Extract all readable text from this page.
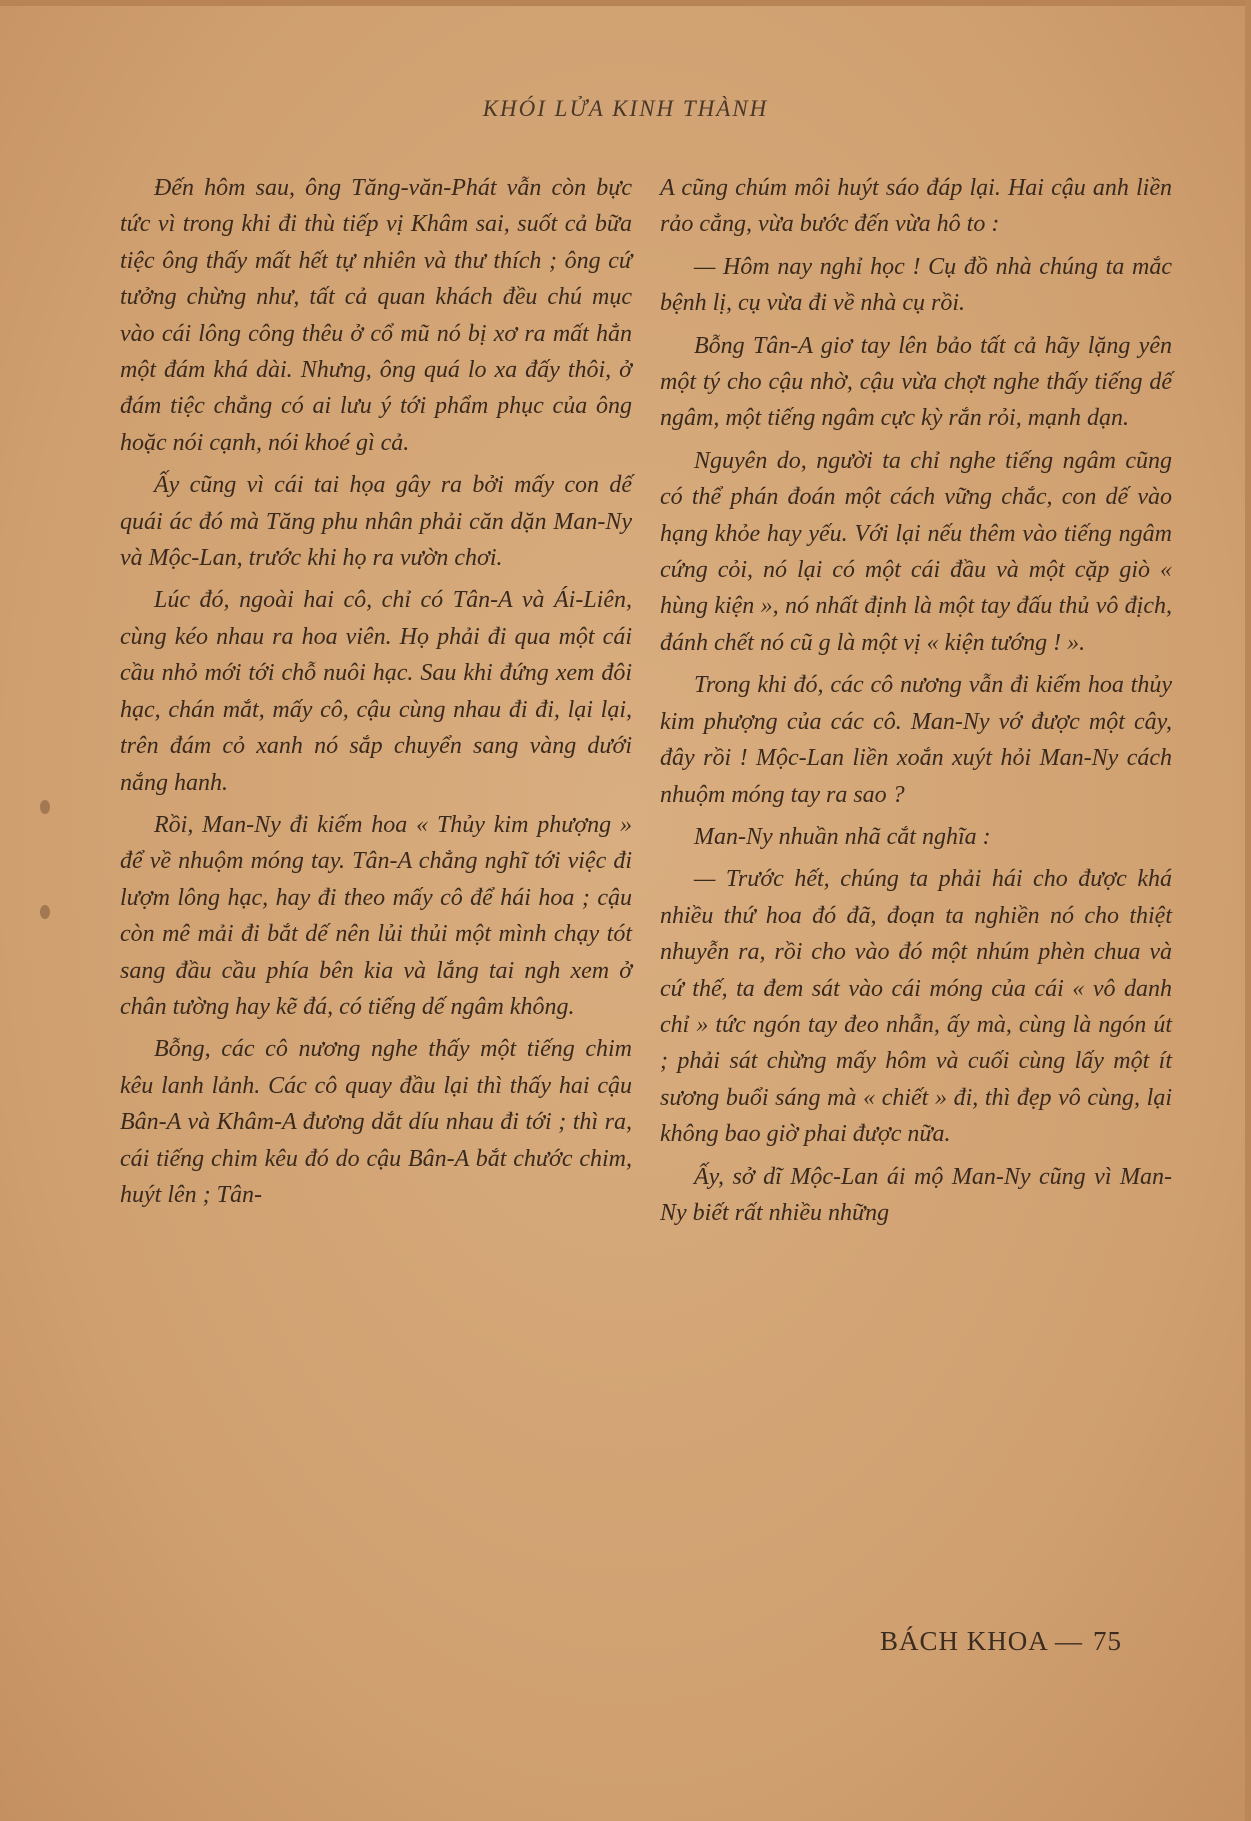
KHÓI LỬA KINH THÀNH

Đến hôm sau, ông Tăng-văn-Phát vẫn còn bực tức vì trong khi đi thù tiếp vị Khâm sai, suốt cả bữa tiệc ông thấy mất hết tự nhiên và thư thích ; ông cứ tưởng chừng như, tất cả quan khách đều chú mục vào cái lông công thêu ở cổ mũ nó bị xơ ra mất hẳn một đám khá dài. Nhưng, ông quá lo xa đấy thôi, ở đám tiệc chẳng có ai lưu ý tới phẩm phục của ông hoặc nói cạnh, nói khoé gì cả.

Ấy cũng vì cái tai họa gây ra bởi mấy con dế quái ác đó mà Tăng phu nhân phải căn dặn Man-Ny và Mộc-Lan, trước khi họ ra vườn chơi.

Lúc đó, ngoài hai cô, chỉ có Tân-A và Ái-Liên, cùng kéo nhau ra hoa viên. Họ phải đi qua một cái cầu nhỏ mới tới chỗ nuôi hạc. Sau khi đứng xem đôi hạc, chán mắt, mấy cô, cậu cùng nhau đi đi, lại lại, trên đám cỏ xanh nó sắp chuyển sang vàng dưới nắng hanh.

Rồi, Man-Ny đi kiếm hoa « Thủy kim phượng » để về nhuộm móng tay. Tân-A chẳng nghĩ tới việc đi lượm lông hạc, hay đi theo mấy cô để hái hoa ; cậu còn mê mải đi bắt dế nên lủi thủi một mình chạy tót sang đầu cầu phía bên kia và lắng tai ngh xem ở chân tường hay kẽ đá, có tiếng dế ngâm không.

Bỗng, các cô nương nghe thấy một tiếng chim kêu lanh lảnh. Các cô quay đầu lại thì thấy hai cậu Bân-A và Khâm-A đương dắt díu nhau đi tới ; thì ra, cái tiếng chim kêu đó do cậu Bân-A bắt chước chim, huýt lên ; Tân-

A cũng chúm môi huýt sáo đáp lại. Hai cậu anh liền rảo cẳng, vừa bước đến vừa hô to :

— Hôm nay nghỉ học ! Cụ đồ nhà chúng ta mắc bệnh lị, cụ vừa đi về nhà cụ rồi.

Bỗng Tân-A giơ tay lên bảo tất cả hãy lặng yên một tý cho cậu nhờ, cậu vừa chợt nghe thấy tiếng dế ngâm, một tiếng ngâm cực kỳ rắn rỏi, mạnh dạn.

Nguyên do, người ta chỉ nghe tiếng ngâm cũng có thể phán đoán một cách vững chắc, con dế vào hạng khỏe hay yếu. Với lại nếu thêm vào tiếng ngâm cứng cỏi, nó lại có một cái đầu và một cặp giò « hùng kiện », nó nhất định là một tay đấu thủ vô địch, đánh chết nó cũ g là một vị « kiện tướng ! ».

Trong khi đó, các cô nương vẫn đi kiếm hoa thủy kim phượng của các cô. Man-Ny vớ được một cây, đây rồi ! Mộc-Lan liền xoắn xuýt hỏi Man-Ny cách nhuộm móng tay ra sao ?

Man-Ny nhuần nhã cắt nghĩa :

— Trước hết, chúng ta phải hái cho được khá nhiều thứ hoa đó đã, đoạn ta nghiền nó cho thiệt nhuyễn ra, rồi cho vào đó một nhúm phèn chua và cứ thế, ta đem sát vào cái móng của cái « vô danh chỉ » tức ngón tay đeo nhẫn, ấy mà, cùng là ngón út ; phải sát chừng mấy hôm và cuối cùng lấy một ít sương buổi sáng mà « chiết » đi, thì đẹp vô cùng, lại không bao giờ phai được nữa.

Ấy, sở dĩ Mộc-Lan ái mộ Man-Ny cũng vì Man-Ny biết rất nhiều những

BÁCH KHOA — 75
